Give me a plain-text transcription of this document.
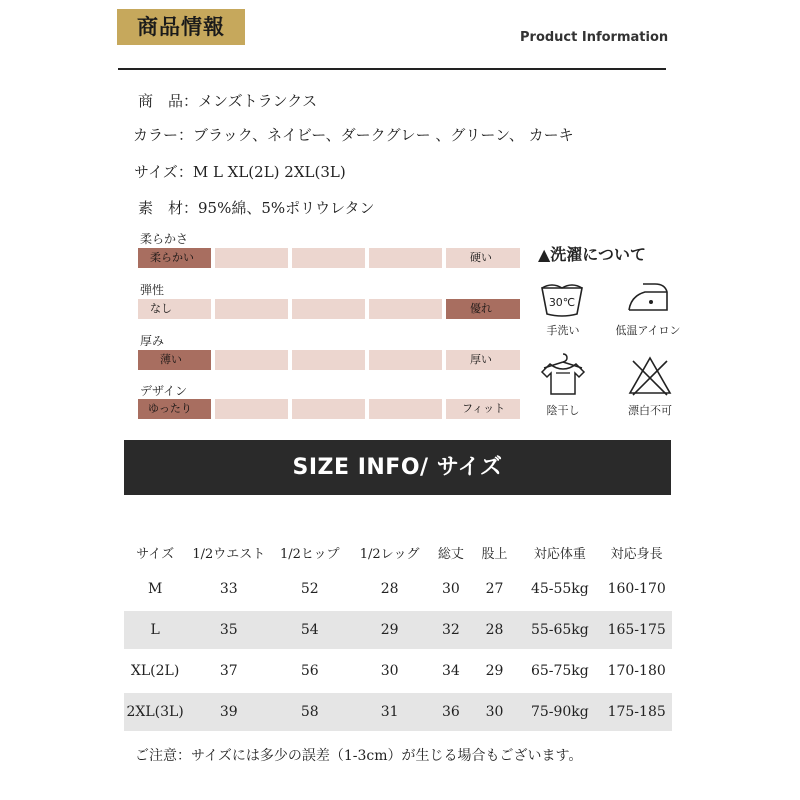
商品情報	Product Information
商　品：メンズトランクス
カラー：ブラック、ネイビー、ダークグレー 、グリーン、 カーキ
サイズ：M L XL(2L) 2XL(3L)
素　材：95%綿、5%ポリウレタン
柔らかさ
柔らかい	硬い
弾性
なし	優れ
厚み
薄い	厚い
デザイン
ゆったり	フィット
▲洗濯について
30℃
手洗い	低温アイロン
陰干し	漂白不可
SIZE INFO/ サイズ
サイズ	1/2ウエスト	1/2ヒップ	1/2レッグ	総丈	股上	対応体重	対応身長
M	33	52	28	30	27	45-55kg	160-170
L	35	54	29	32	28	55-65kg	165-175
XL(2L)	37	56	30	34	29	65-75kg	170-180
2XL(3L)	39	58	31	36	30	75-90kg	175-185
ご注意：サイズには多少の誤差（1-3cm）が生じる場合もございます。
